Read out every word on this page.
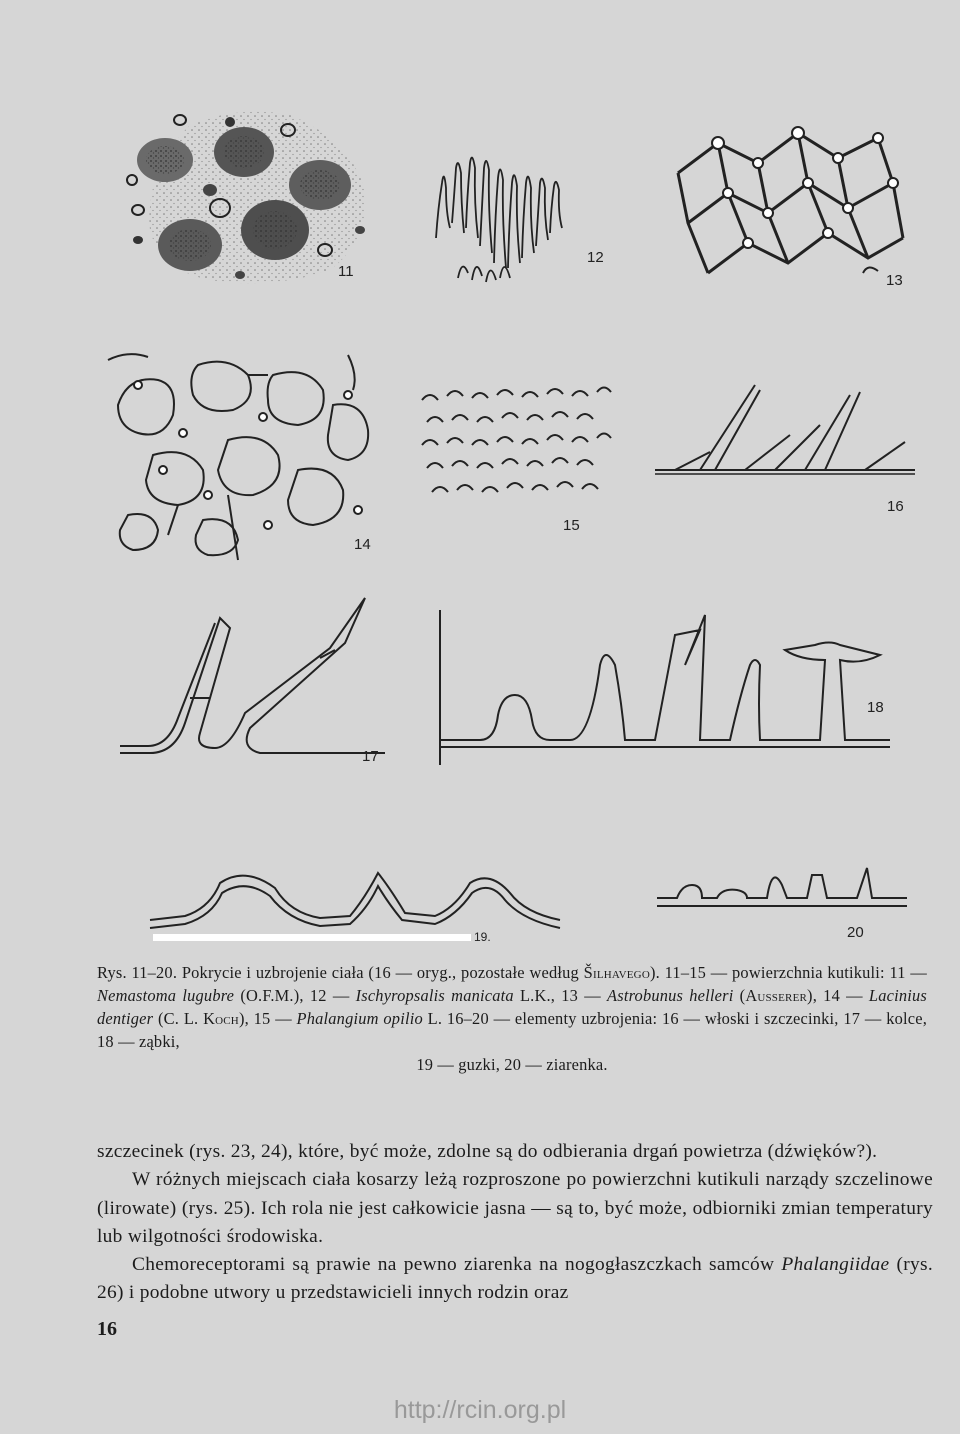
11
12
13
14
15
16
17
18
19.	20

Rys. 11–20. Pokrycie i uzbrojenie ciała (16 — oryg., pozostałe według Šilhavego). 11–15 — powierzchnia kutikuli: 11 — Nemastoma lugubre (O.F.M.), 12 — Ischyropsalis manicata L.K., 13 — Astrobunus helleri (Ausserer), 14 — Lacinius dentiger (C. L. Koch), 15 — Phalangium opilio L. 16–20 — elementy uzbrojenia: 16 — włoski i szczecinki, 17 — kolce, 18 — ząbki,

19 — guzki, 20 — ziarenka.

szczecinek (rys. 23, 24), które, być może, zdolne są do odbierania drgań powietrza (dźwięków?).

W różnych miejscach ciała kosarzy leżą rozproszone po powierzchni kutikuli narządy szczelinowe (lirowate) (rys. 25). Ich rola nie jest całkowicie jasna — są to, być może, odbiorniki zmian temperatury lub wilgotności środowiska.

Chemoreceptorami są prawie na pewno ziarenka na nogogłaszczkach samców Phalangiidae (rys. 26) i podobne utwory u przedstawicieli innych rodzin oraz

16
http://rcin.org.pl
